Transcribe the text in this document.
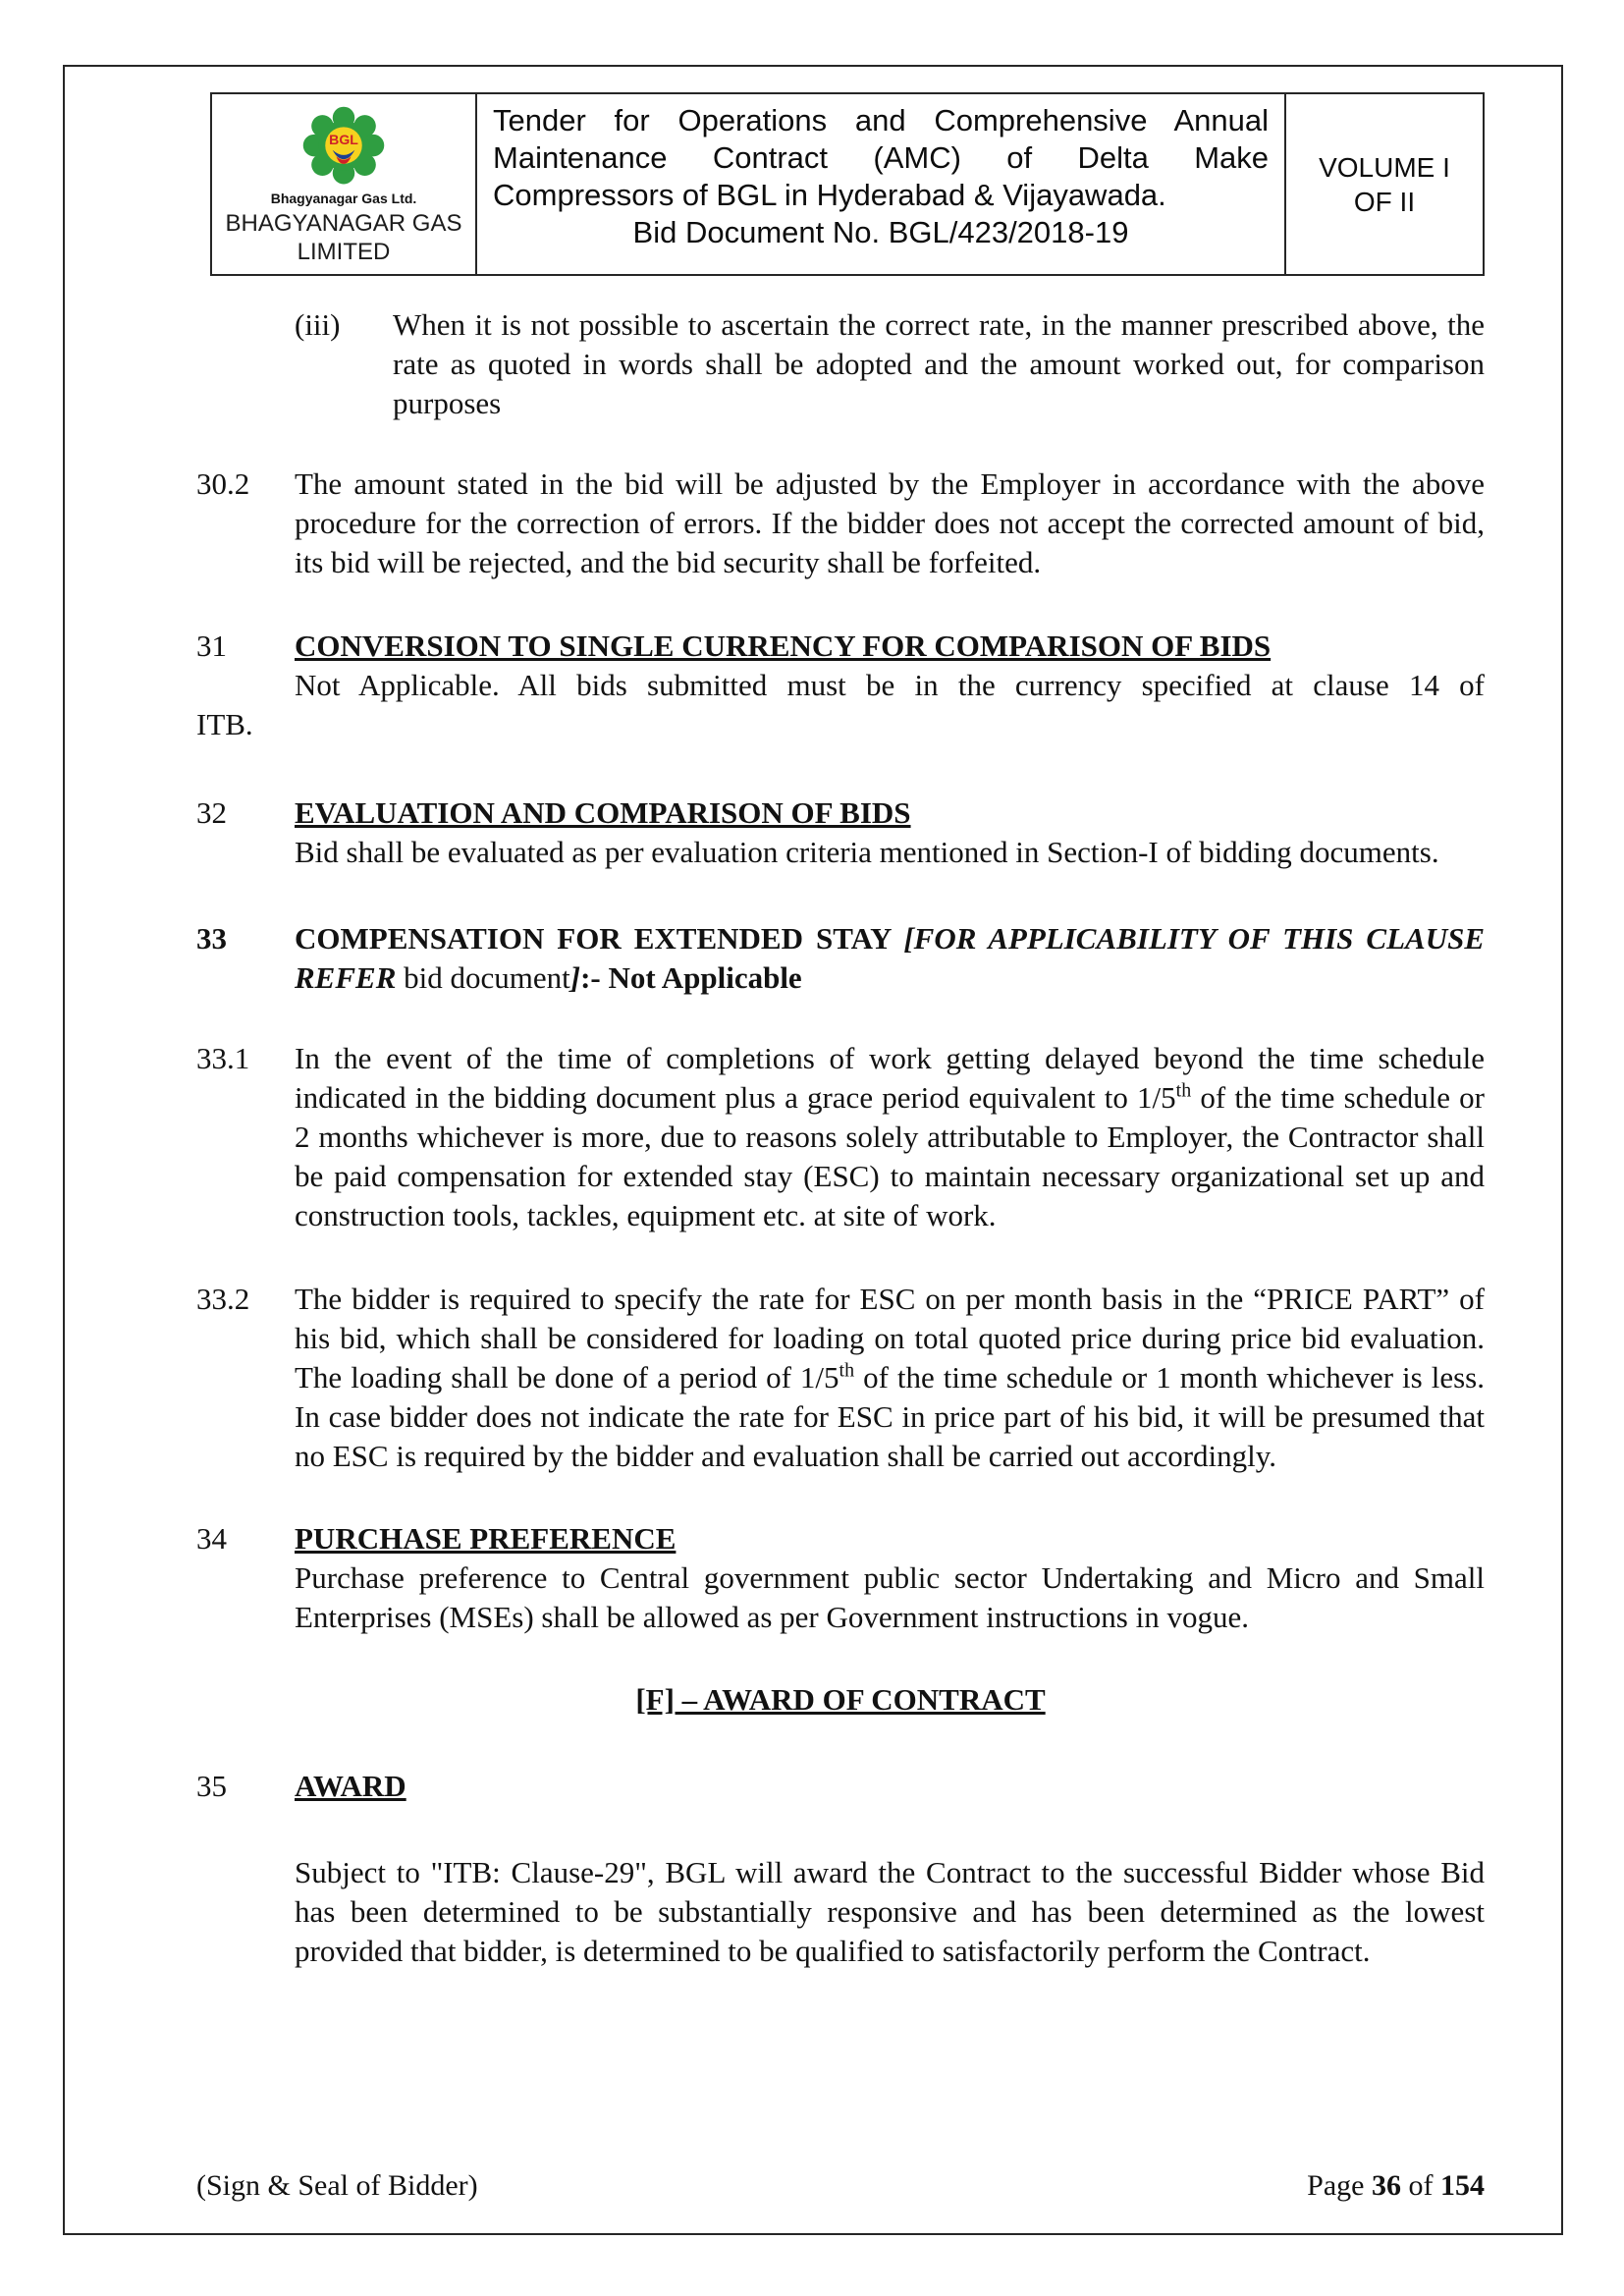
BGL
Bhagyanagar Gas Ltd.
BHAGYANAGAR GAS
LIMITED
Tender for Operations and Comprehensive Annual Maintenance Contract (AMC) of Delta Make Compressors of BGL in Hyderabad & Vijayawada.
Bid Document No. BGL/423/2018-19
VOLUME I
OF II
(iii)	When it is not possible to ascertain the correct rate, in the manner prescribed above, the rate as quoted in words shall be adopted and the amount worked out, for comparison purposes
30.2	The amount stated in the bid will be adjusted by the Employer in accordance with the above procedure for the correction of errors. If the bidder does not accept the corrected amount of bid, its bid will be rejected, and the bid security shall be forfeited.
31	CONVERSION TO SINGLE CURRENCY FOR COMPARISON OF BIDS
Not Applicable. All bids submitted must be in the currency specified at clause 14 of
ITB.
32	EVALUATION AND COMPARISON OF BIDS
Bid shall be evaluated as per evaluation criteria mentioned in Section-I of bidding documents.
33	COMPENSATION FOR EXTENDED STAY [FOR APPLICABILITY OF THIS CLAUSE REFER bid document]:- Not Applicable
33.1	In the event of the time of completions of work getting delayed beyond the time schedule indicated in the bidding document plus a grace period equivalent to 1/5th of the time schedule or 2 months whichever is more, due to reasons solely attributable to Employer, the Contractor shall be paid compensation for extended stay (ESC) to maintain necessary organizational set up and construction tools, tackles, equipment etc. at site of work.
33.2	The bidder is required to specify the rate for ESC on per month basis in the “PRICE PART” of his bid, which shall be considered for loading on total quoted price during price bid evaluation. The loading shall be done of a period of 1/5th of the time schedule or 1 month whichever is less. In case bidder does not indicate the rate for ESC in price part of his bid, it will be presumed that no ESC is required by the bidder and evaluation shall be carried out accordingly.
34	PURCHASE PREFERENCE
Purchase preference to Central government public sector Undertaking and Micro and Small Enterprises (MSEs) shall be allowed as per Government instructions in vogue.
[F] – AWARD OF CONTRACT
35	AWARD
Subject to "ITB: Clause-29", BGL will award the Contract to the successful Bidder whose Bid has been determined to be substantially responsive and has been determined as the lowest provided that bidder, is determined to be qualified to satisfactorily perform the Contract.
(Sign & Seal of Bidder)	Page 36 of 154
